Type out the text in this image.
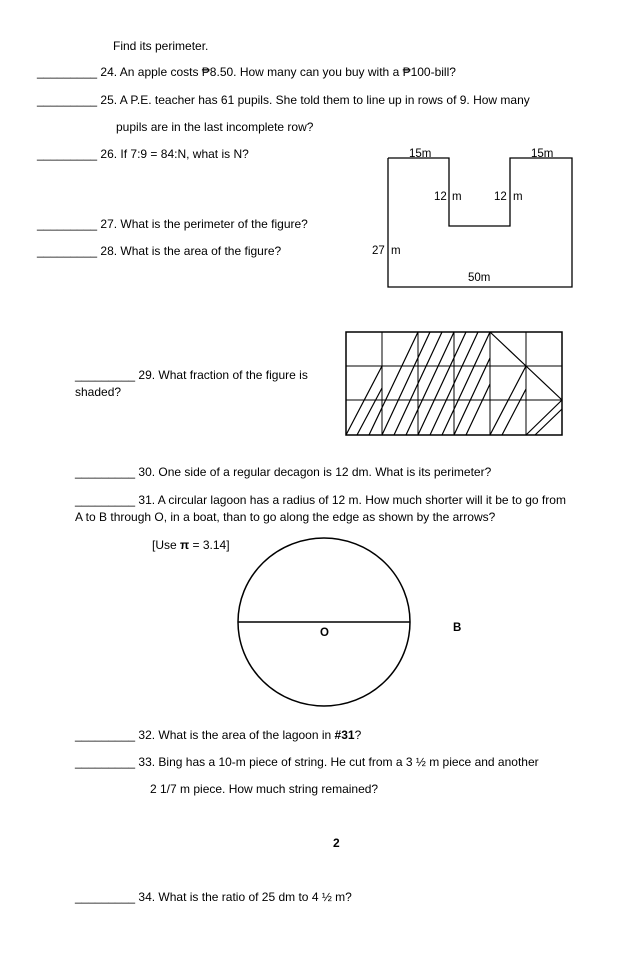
Find its perimeter.
_________ 24. An apple costs ₱8.50. How many can you buy with a ₱100-bill?
_________ 25. A P.E. teacher has 61 pupils. She told them to line up in rows of 9. How many
pupils are in the last incomplete row?
_________ 26. If 7:9 = 84:N, what is N?
_________ 27. What is the perimeter of the figure?
_________ 28. What is the area of the figure?
_________ 29. What fraction of the figure is
shaded?
_________ 30. One side of a regular decagon is 12 dm. What is its perimeter?
_________ 31. A circular lagoon has a radius of 12 m. How much shorter will it be to go from
A to B through O, in a boat, than to go along the edge as shown by the arrows?
[Use π = 3.14]
_________ 32. What is the area of the lagoon in #31?
_________ 33. Bing has a 10-m piece of string. He cut from a 3 ½ m piece and another
2 1/7 m piece. How much string remained?
2
_________ 34. What is the ratio of 25 dm to 4 ½ m?
15m	15m
12 m	12 m
27 m
50m
O	B
